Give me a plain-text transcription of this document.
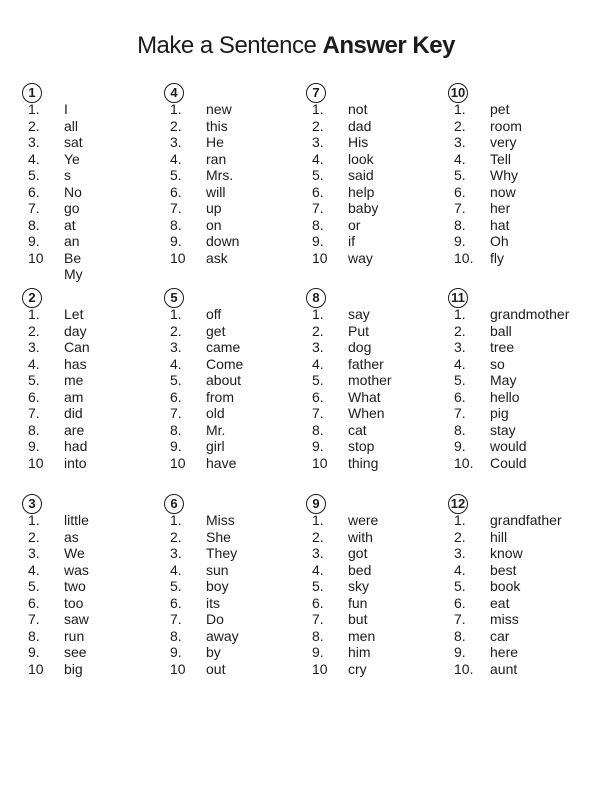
Make a Sentence Answer Key
1
1.
2.
3.
4.
5.
6.
7.
8.
9.
10
I
all
sat
Ye
s
No
go
at
an
Be
My
2
1.
2.
3.
4.
5.
6.
7.
8.
9.
10
Let
day
Can
has
me
am
did
are
had
into
3
1.
2.
3.
4.
5.
6.
7.
8.
9.
10
little
as
We
was
two
too
saw
run
see
big
4
1.
2.
3.
4.
5.
6.
7.
8.
9.
10
new
this
He
ran
Mrs.
will
up
on
down
ask
5
1.
2.
3.
4.
5.
6.
7.
8.
9.
10
off
get
came
Come
about
from
old
Mr.
girl
have
6
1.
2.
3.
4.
5.
6.
7.
8.
9.
10
Miss
She
They
sun
boy
its
Do
away
by
out
7
1.
2.
3.
4.
5.
6.
7.
8.
9.
10
not
dad
His
look
said
help
baby
or
if
way
8
1.
2.
3.
4.
5.
6.
7.
8.
9.
10
say
Put
dog
father
mother
What
When
cat
stop
thing
9
1.
2.
3.
4.
5.
6.
7.
8.
9.
10
were
with
got
bed
sky
fun
but
men
him
cry
10
1.
2.
3.
4.
5.
6.
7.
8.
9.
10.
pet
room
very
Tell
Why
now
her
hat
Oh
fly
11
1.
2.
3.
4.
5.
6.
7.
8.
9.
10.
grandmother
ball
tree
so
May
hello
pig
stay
would
Could
12
1.
2.
3.
4.
5.
6.
7.
8.
9.
10.
grandfather
hill
know
best
book
eat
miss
car
here
aunt
